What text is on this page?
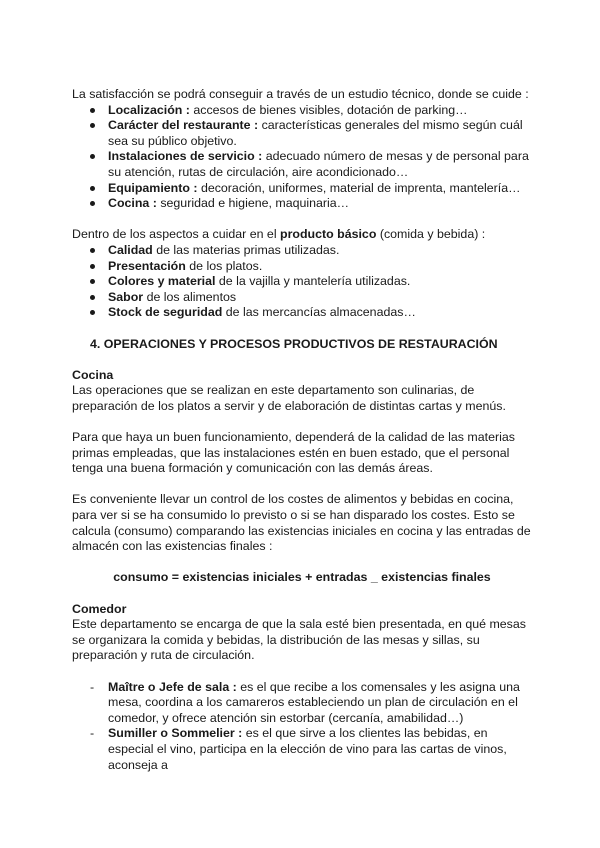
La satisfacción se podrá conseguir a través de un estudio técnico, donde se cuide :

Localización : accesos de bienes visibles, dotación de parking…
Carácter del restaurante : características generales del mismo según cuál sea su público objetivo.
Instalaciones de servicio : adecuado número de mesas y de personal para su atención, rutas de circulación, aire acondicionado…
Equipamiento : decoración, uniformes, material de imprenta, mantelería…
Cocina : seguridad e higiene, maquinaria…

Dentro de los aspectos a cuidar en el producto básico (comida y bebida) :

Calidad de las materias primas utilizadas.
Presentación de los platos.
Colores y material de la vajilla y mantelería utilizadas.
Sabor de los alimentos
Stock de seguridad de las mercancías almacenadas…

4. OPERACIONES Y PROCESOS PRODUCTIVOS DE RESTAURACIÓN

Cocina

Las operaciones que se realizan en este departamento son culinarias, de preparación de los platos a servir y de elaboración de distintas cartas y menús.

Para que haya un buen funcionamiento, dependerá de la calidad de las materias primas empleadas, que las instalaciones estén en buen estado, que el personal tenga una buena formación y comunicación con las demás áreas.

Es conveniente llevar un control de los costes de alimentos y bebidas en cocina, para ver si se ha consumido lo previsto o si se han disparado los costes. Esto se calcula (consumo) comparando las existencias iniciales en cocina y las entradas de almacén con las existencias finales :

consumo = existencias iniciales + entradas _ existencias finales

Comedor

Este departamento se encarga de que la sala esté bien presentada, en qué mesas se organizara la comida y bebidas, la distribución de las mesas y sillas, su preparación y ruta de circulación.

- Maître o Jefe de sala : es el que recibe a los comensales y les asigna una mesa, coordina a los camareros estableciendo un plan de circulación en el comedor, y ofrece atención sin estorbar (cercanía, amabilidad…)
- Sumiller o Sommelier : es el que sirve a los clientes las bebidas, en especial el vino, participa en la elección de vino para las cartas de vinos, aconseja a
